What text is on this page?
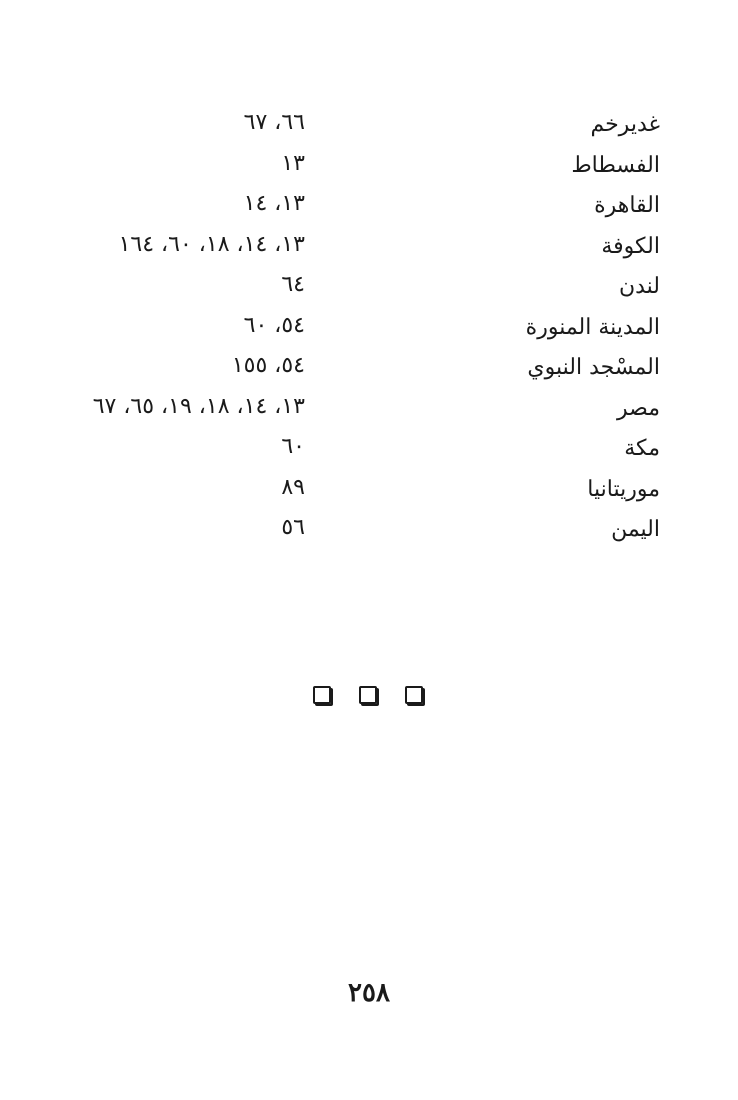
غديرخم
٦٦، ٦٧
الفسطاط
١٣
القاهرة
١٣، ١٤
الكوفة
١٣، ١٤، ١٨، ٦٠، ١٦٤
لندن
٦٤
المدينة المنورة
٥٤، ٦٠
المسْجد النبوي
٥٤، ١٥٥
مصر
١٣، ١٤، ١٨، ١٩، ٦٥، ٦٧
مكة
٦٠
موريتانيا
٨٩
اليمن
٥٦
٢٥٨
